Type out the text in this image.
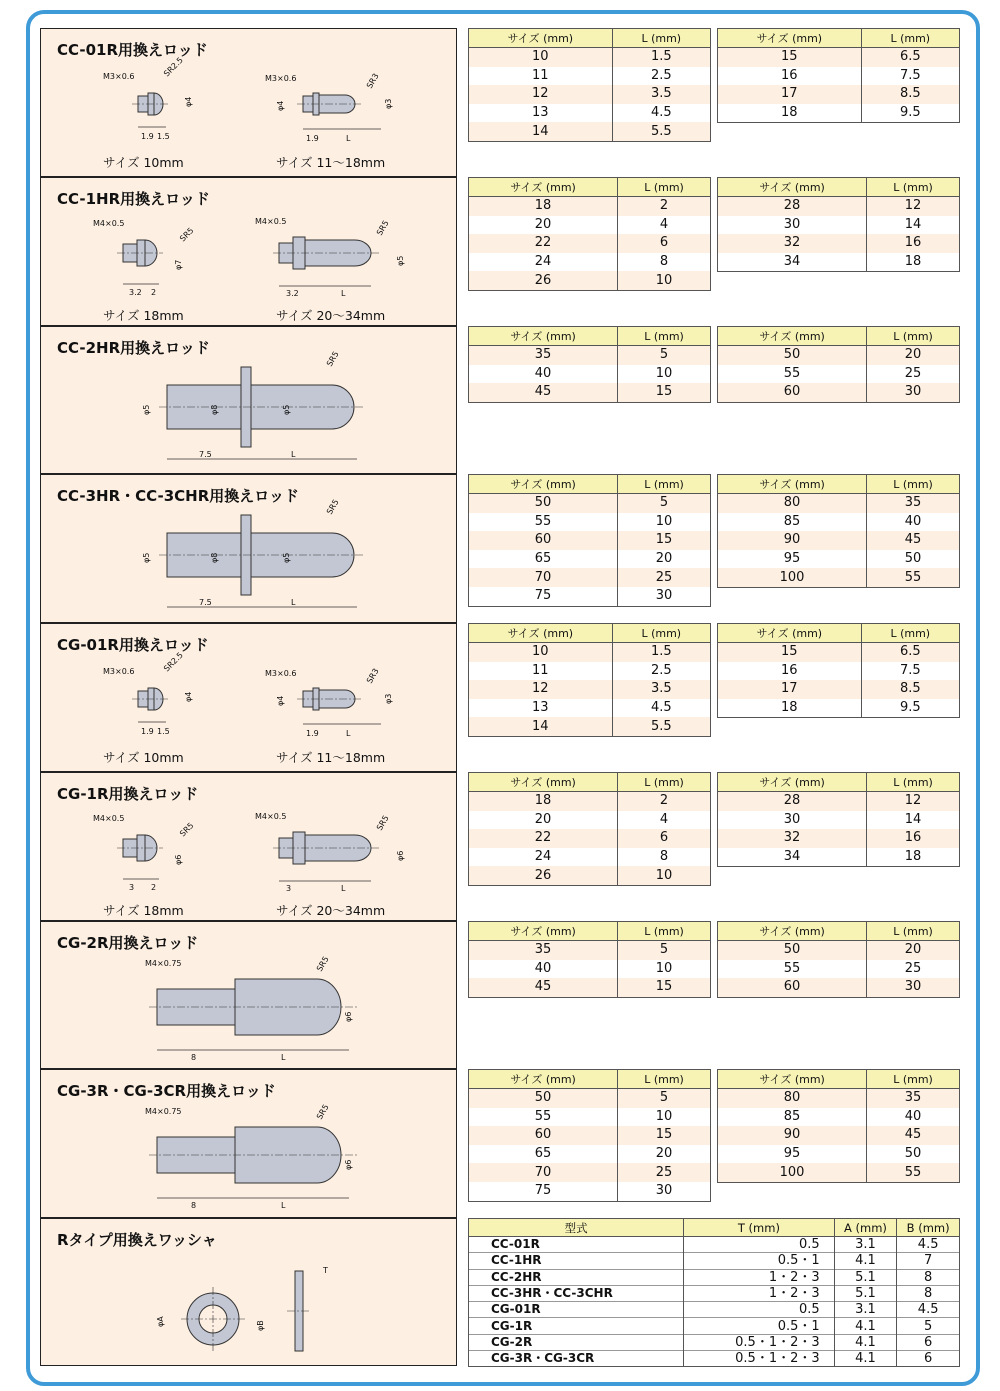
CC-01R用換えロッド
M3×0.6	SR2.5
φ4
1.9 1.5
M3×0.6	SR3
φ4	φ3
1.9	L
サイズ 10mm	サイズ 11〜18mm
サイズ (mm)	L (mm)
10	1.5
11	2.5
12	3.5
13	4.5
14	5.5
サイズ (mm)	L (mm)
15	6.5
16	7.5
17	8.5
18	9.5
CC-1HR用換えロッド
M4×0.5
SR5
φ7
3.2 2
M4×0.5	SR5
φ5
3.2	L
サイズ 18mm	サイズ 20〜34mm
サイズ (mm)	L (mm)
18	2
20	4
22	6
24	8
26	10
サイズ (mm)	L (mm)
28	12
30	14
32	16
34	18
CC-2HR用換えロッド
SR5
φ5	φ8	φ5
7.5	L
サイズ (mm)	L (mm)
35	5
40	10
45	15
サイズ (mm)	L (mm)
50	20
55	25
60	30
CC-3HR・CC-3CHR用換えロッド
SR5
φ5	φ8	φ5
7.5	L
サイズ (mm)	L (mm)
50	5
55	10
60	15
65	20
70	25
75	30
サイズ (mm)	L (mm)
80	35
85	40
90	45
95	50
100	55
CG-01R用換えロッド
M3×0.6	SR2.5
φ4
1.9 1.5
M3×0.6	SR3
φ4	φ3
1.9	L
サイズ 10mm	サイズ 11〜18mm
サイズ (mm)	L (mm)
10	1.5
11	2.5
12	3.5
13	4.5
14	5.5
サイズ (mm)	L (mm)
15	6.5
16	7.5
17	8.5
18	9.5
CG-1R用換えロッド
M4×0.5
SR5
φ6
3 2
M4×0.5	SR5
φ6
3	L
サイズ 18mm	サイズ 20〜34mm
サイズ (mm)	L (mm)
18	2
20	4
22	6
24	8
26	10
サイズ (mm)	L (mm)
28	12
30	14
32	16
34	18
CG-2R用換えロッド
M4×0.75	SR5
φ6
8	L
サイズ (mm)	L (mm)
35	5
40	10
45	15
サイズ (mm)	L (mm)
50	20
55	25
60	30
CG-3R・CG-3CR用換えロッド
M4×0.75	SR5
φ6
8	L
サイズ (mm)	L (mm)
50	5
55	10
60	15
65	20
70	25
75	30
サイズ (mm)	L (mm)
80	35
85	40
90	45
95	50
100	55
Rタイプ用換えワッシャ
φA	φB
T
型式	T (mm)	A (mm)	B (mm)
CC-01R	0.5	3.1	4.5
CC-1HR	0.5・1	4.1	7
CC-2HR	1・2・3	5.1	8
CC-3HR・CC-3CHR	1・2・3	5.1	8
CG-01R	0.5	3.1	4.5
CG-1R	0.5・1	4.1	5
CG-2R	0.5・1・2・3	4.1	6
CG-3R・CG-3CR	0.5・1・2・3	4.1	6
